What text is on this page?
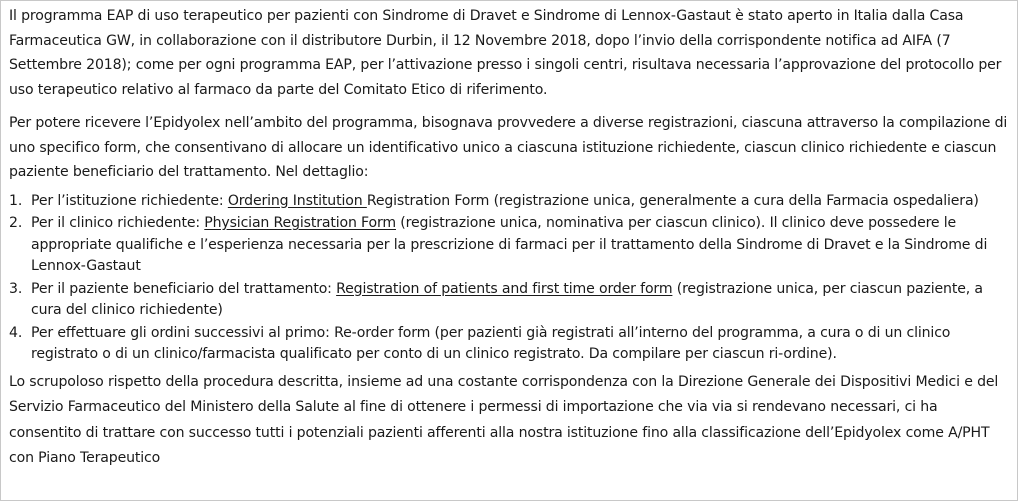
Il programma EAP di uso terapeutico per pazienti con Sindrome di Dravet e Sindrome di Lennox-Gastaut è stato aperto in Italia dalla Casa Farmaceutica GW, in collaborazione con il distributore Durbin, il 12 Novembre 2018, dopo l’invio della corrispondente notifica ad AIFA (7 Settembre 2018); come per ogni programma EAP, per l’attivazione presso i singoli centri, risultava necessaria l’approvazione del protocollo per uso terapeutico relativo al farmaco da parte del Comitato Etico di riferimento.

Per potere ricevere l’Epidyolex nell’ambito del programma, bisognava provvedere a diverse registrazioni, ciascuna attraverso la compilazione di uno specifico form, che consentivano di allocare un identificativo unico a ciascuna istituzione richiedente, ciascun clinico richiedente e ciascun paziente beneficiario del trattamento. Nel dettaglio:

1. Per l’istituzione richiedente: Ordering Institution Registration Form (registrazione unica, generalmente a cura della Farmacia ospedaliera)
2. Per il clinico richiedente: Physician Registration Form (registrazione unica, nominativa per ciascun clinico). Il clinico deve possedere le appropriate qualifiche e l’esperienza necessaria per la prescrizione di farmaci per il trattamento della Sindrome di Dravet e la Sindrome di Lennox-Gastaut
3. Per il paziente beneficiario del trattamento: Registration of patients and first time order form (registrazione unica, per ciascun paziente, a cura del clinico richiedente)
4. Per effettuare gli ordini successivi al primo: Re-order form (per pazienti già registrati all’interno del programma, a cura o di un clinico registrato o di un clinico/farmacista qualificato per conto di un clinico registrato. Da compilare per ciascun ri-ordine).

Lo scrupoloso rispetto della procedura descritta, insieme ad una costante corrispondenza con la Direzione Generale dei Dispositivi Medici e del Servizio Farmaceutico del Ministero della Salute al fine di ottenere i permessi di importazione che via via si rendevano necessari, ci ha consentito di trattare con successo tutti i potenziali pazienti afferenti alla nostra istituzione fino alla classificazione dell’Epidyolex come A/PHT con Piano Terapeutico
